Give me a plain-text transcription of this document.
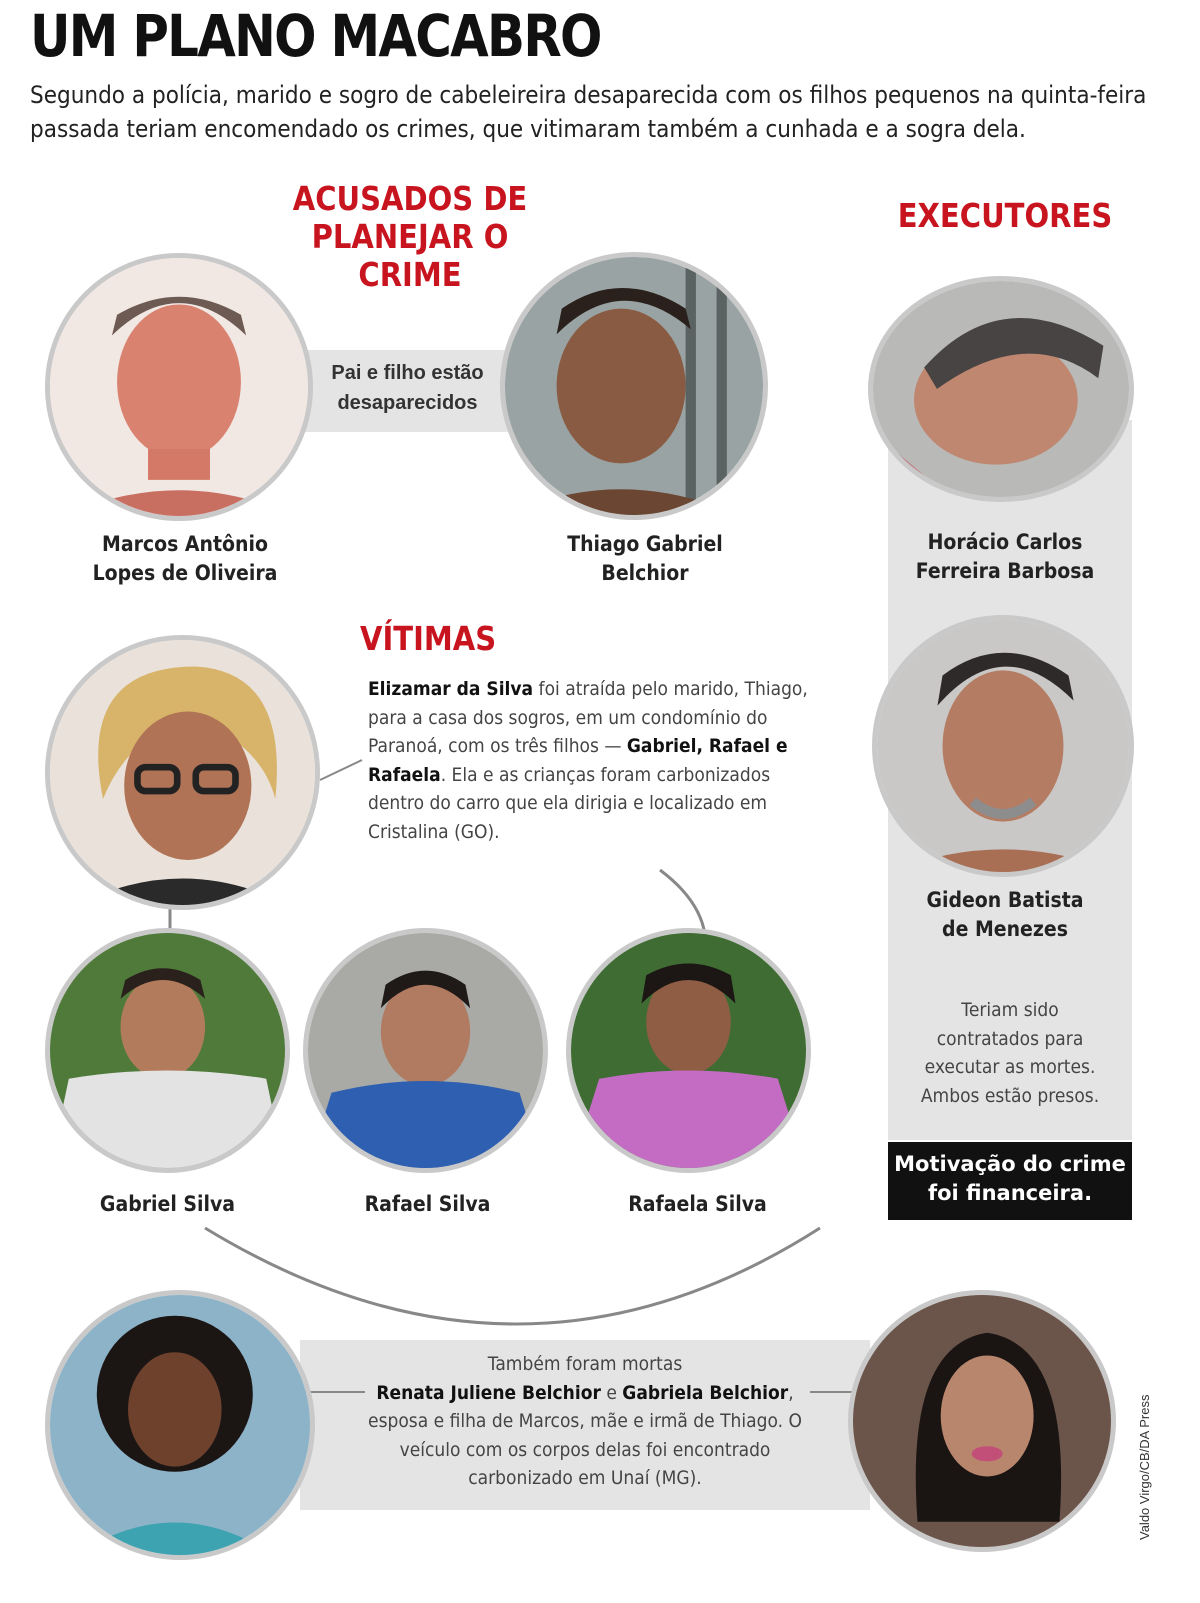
UM PLANO MACABRO
Segundo a polícia, marido e sogro de cabeleireira desaparecida com os filhos pequenos na quinta-feira passada teriam encomendado os crimes, que vitimaram também a cunhada e a sogra dela.
Motivação do crime
foi financeira.
Pai e filho estão desaparecidos
ACUSADOS DE PLANEJAR O CRIME
EXECUTORES
VÍTIMAS
Marcos Antônio
Lopes de Oliveira
Thiago Gabriel
Belchior
Horácio Carlos
Ferreira Barbosa
Gideon Batista
de Menezes
Gabriel Silva	Rafael Silva	Rafaela Silva
Teriam sido
contratados para
executar as mortes.
Ambos estão presos.
Elizamar da Silva foi atraída pelo marido, Thiago, para a casa dos sogros, em um condomínio do Paranoá, com os três filhos — Gabriel, Rafael e Rafaela. Ela e as crianças foram carbonizados dentro do carro que ela dirigia e localizado em Cristalina (GO).
Também foram mortas
Renata Juliene Belchior e Gabriela Belchior,
esposa e filha de Marcos, mãe e irmã de Thiago. O veículo com os corpos delas foi encontrado carbonizado em Unaí (MG).	Valdo Virgo/CB/DA Press
